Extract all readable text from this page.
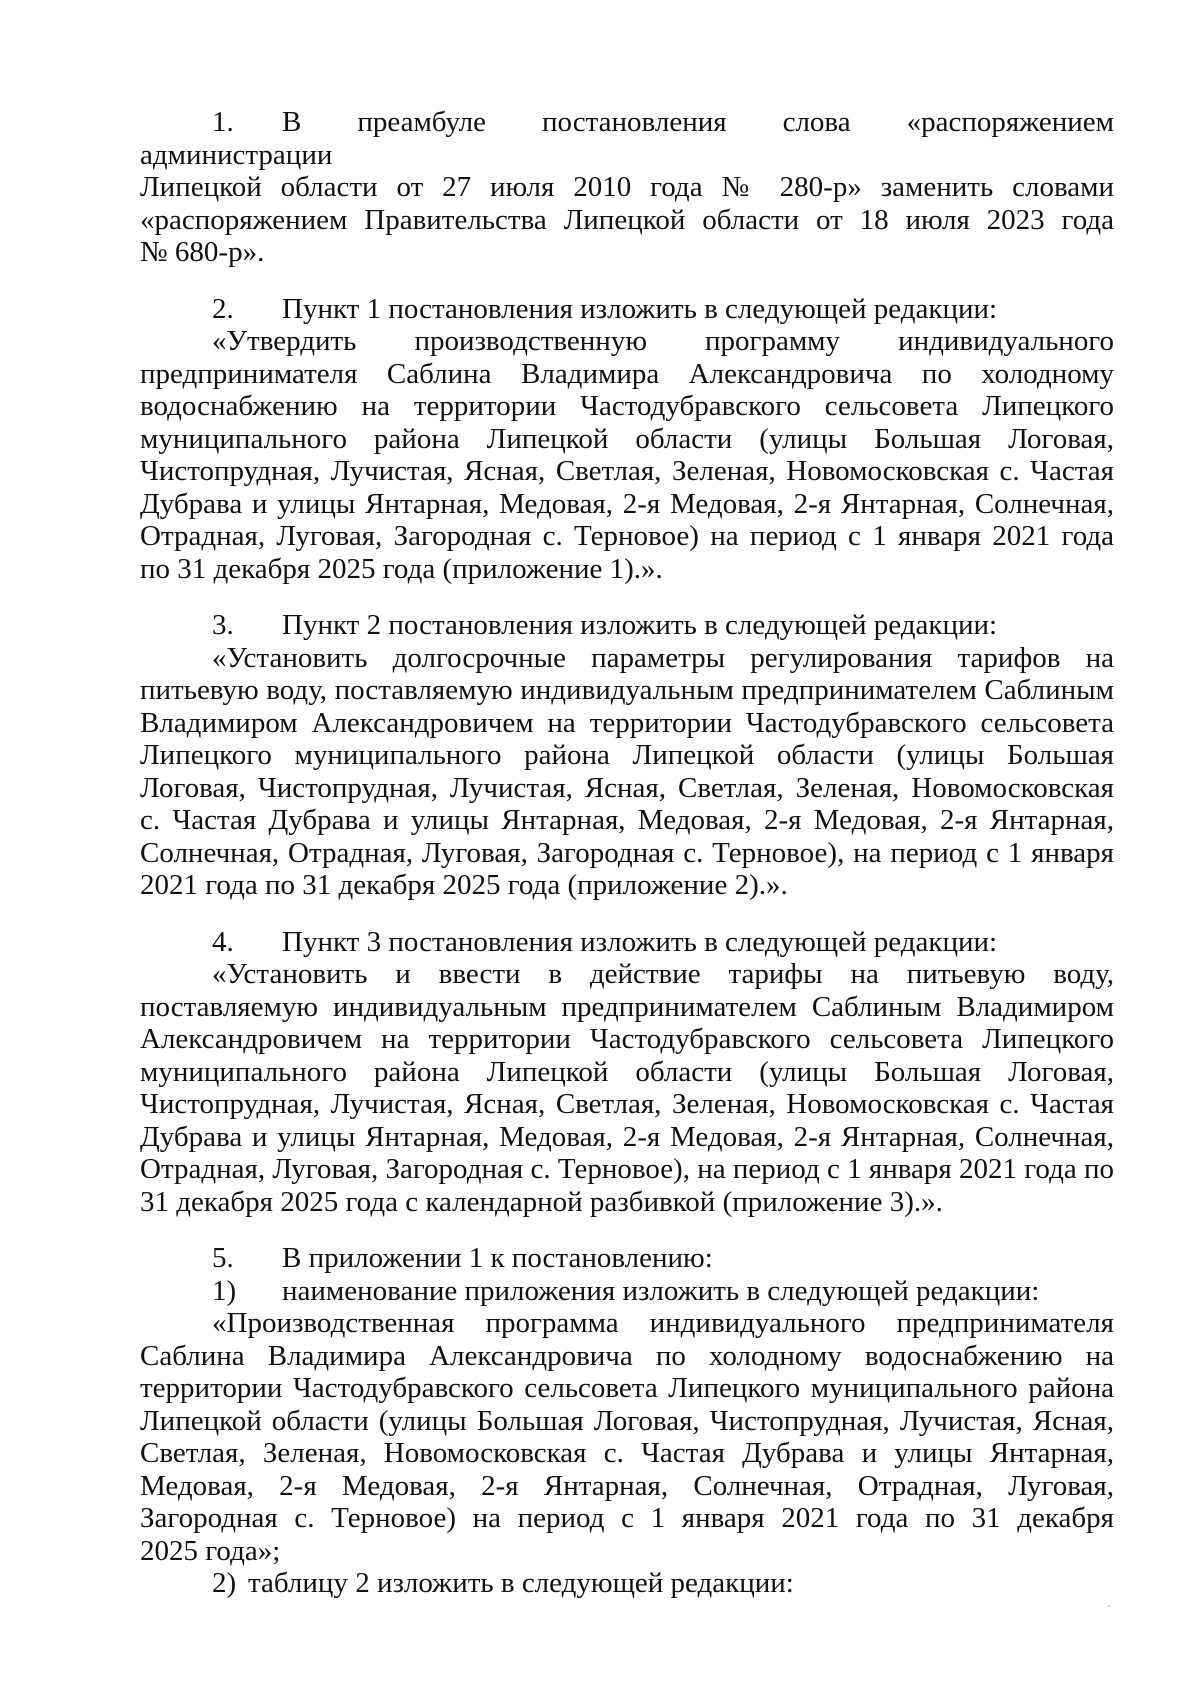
1. В преамбуле постановления слова «распоряжением администрации
Липецкой области от 27 июля 2010 года № 280-р» заменить словами
«распоряжением Правительства Липецкой области от 18 июля 2023 года
№ 680-р».
2. Пункт 1 постановления изложить в следующей редакции:
«Утвердить производственную программу индивидуального
предпринимателя Саблина Владимира Александровича по холодному
водоснабжению на территории Частодубравского сельсовета Липецкого
муниципального района Липецкой области (улицы Большая Логовая,
Чистопрудная, Лучистая, Ясная, Светлая, Зеленая, Новомосковская с. Частая
Дубрава и улицы Янтарная, Медовая, 2-я Медовая, 2-я Янтарная, Солнечная,
Отрадная, Луговая, Загородная с. Терновое) на период с 1 января 2021 года
по 31 декабря 2025 года (приложение 1).».
3. Пункт 2 постановления изложить в следующей редакции:
«Установить долгосрочные параметры регулирования тарифов на
питьевую воду, поставляемую индивидуальным предпринимателем Саблиным
Владимиром Александровичем на территории Частодубравского сельсовета
Липецкого муниципального района Липецкой области (улицы Большая
Логовая, Чистопрудная, Лучистая, Ясная, Светлая, Зеленая, Новомосковская
с. Частая Дубрава и улицы Янтарная, Медовая, 2-я Медовая, 2-я Янтарная,
Солнечная, Отрадная, Луговая, Загородная с. Терновое), на период с 1 января
2021 года по 31 декабря 2025 года (приложение 2).».
4. Пункт 3 постановления изложить в следующей редакции:
«Установить и ввести в действие тарифы на питьевую воду,
поставляемую индивидуальным предпринимателем Саблиным Владимиром
Александровичем на территории Частодубравского сельсовета Липецкого
муниципального района Липецкой области (улицы Большая Логовая,
Чистопрудная, Лучистая, Ясная, Светлая, Зеленая, Новомосковская с. Частая
Дубрава и улицы Янтарная, Медовая, 2-я Медовая, 2-я Янтарная, Солнечная,
Отрадная, Луговая, Загородная с. Терновое), на период с 1 января 2021 года по
31 декабря 2025 года с календарной разбивкой (приложение 3).».
5. В приложении 1 к постановлению:
1) наименование приложения изложить в следующей редакции:
«Производственная программа индивидуального предпринимателя
Саблина Владимира Александровича по холодному водоснабжению на
территории Частодубравского сельсовета Липецкого муниципального района
Липецкой области (улицы Большая Логовая, Чистопрудная, Лучистая, Ясная,
Светлая, Зеленая, Новомосковская с. Частая Дубрава и улицы Янтарная,
Медовая, 2-я Медовая, 2-я Янтарная, Солнечная, Отрадная, Луговая,
Загородная с. Терновое) на период с 1 января 2021 года по 31 декабря
2025 года»;
2) таблицу 2 изложить в следующей редакции:
